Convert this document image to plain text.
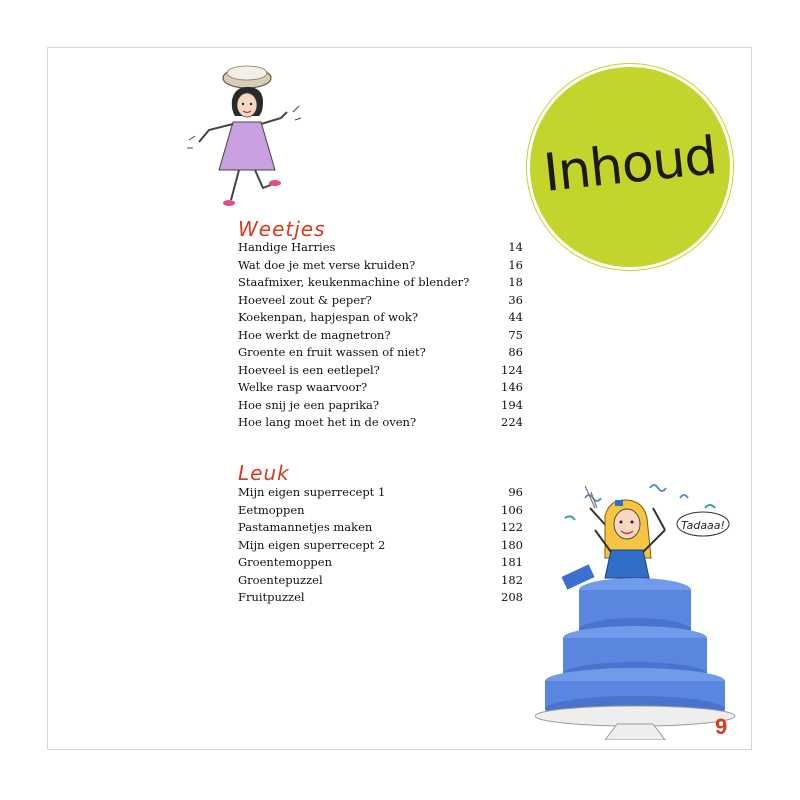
Inhoud
Weetjes
Handige Harries	14
Wat doe je met verse kruiden?	16
Staafmixer, keukenmachine of blender?	18
Hoeveel zout & peper?	36
Koekenpan, hapjespan of wok?	44
Hoe werkt de magnetron?	75
Groente en fruit wassen of niet?	86
Hoeveel is een eetlepel?	124
Welke rasp waarvoor?	146
Hoe snij je een paprika?	194
Hoe lang moet het in de oven?	224
Leuk
Mijn eigen superrecept 1	96
Eetmoppen	106
Pastamannetjes maken	122
Mijn eigen superrecept 2	180
Groentemoppen	181
Groentepuzzel	182
Fruitpuzzel	208
Tadaaa!
9
